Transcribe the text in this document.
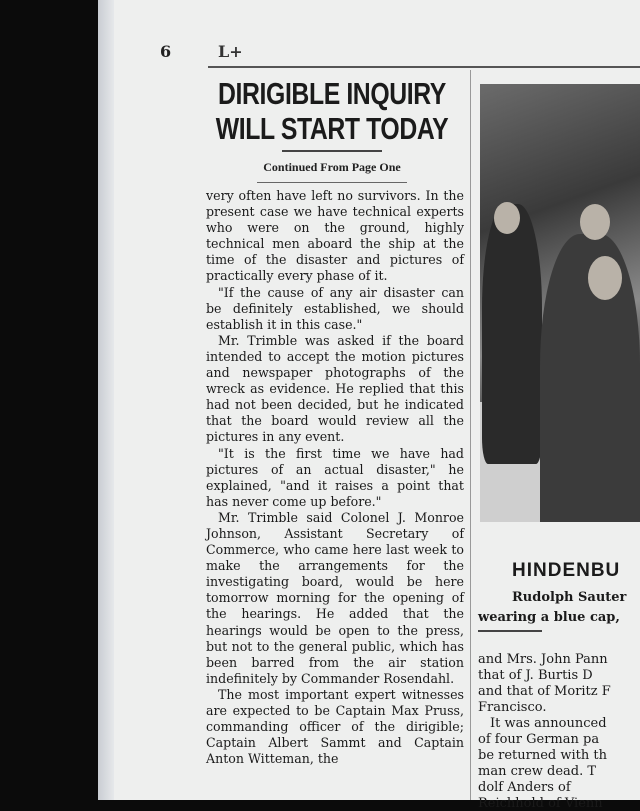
6	L+
DIRIGIBLE INQUIRY
WILL START TODAY
Continued From Page One

very often have left no survivors. In the present case we have technical experts who were on the ground, highly technical men aboard the ship at the time of the disaster and pictures of practically every phase of it.

"If the cause of any air disaster can be definitely established, we should establish it in this case."

Mr. Trimble was asked if the board intended to accept the motion pictures and newspaper photographs of the wreck as evidence. He replied that this had not been decided, but he indicated that the board would review all the pictures in any event.

"It is the first time we have had pictures of an actual disaster," he explained, "and it raises a point that has never come up before."

Mr. Trimble said Colonel J. Monroe Johnson, Assistant Secretary of Commerce, who came here last week to make the arrangements for the investigating board, would be here tomorrow morning for the opening of the hearings. He added that the hearings would be open to the press, but not to the general public, which has been barred from the air station indefinitely by Commander Rosendahl.

The most important expert witnesses are expected to be Captain Max Pruss, commanding officer of the dirigible; Captain Albert Sammt and Captain Anton Witteman, the

HINDENBU
Rudolph Sauter
wearing a blue cap,
and Mrs. John Pann
that of J. Burtis D
and that of Moritz F
Francisco.
It was announced
of four German pa
be returned with th
man crew dead. T
dolf Anders of
Reichhold of Vienn
